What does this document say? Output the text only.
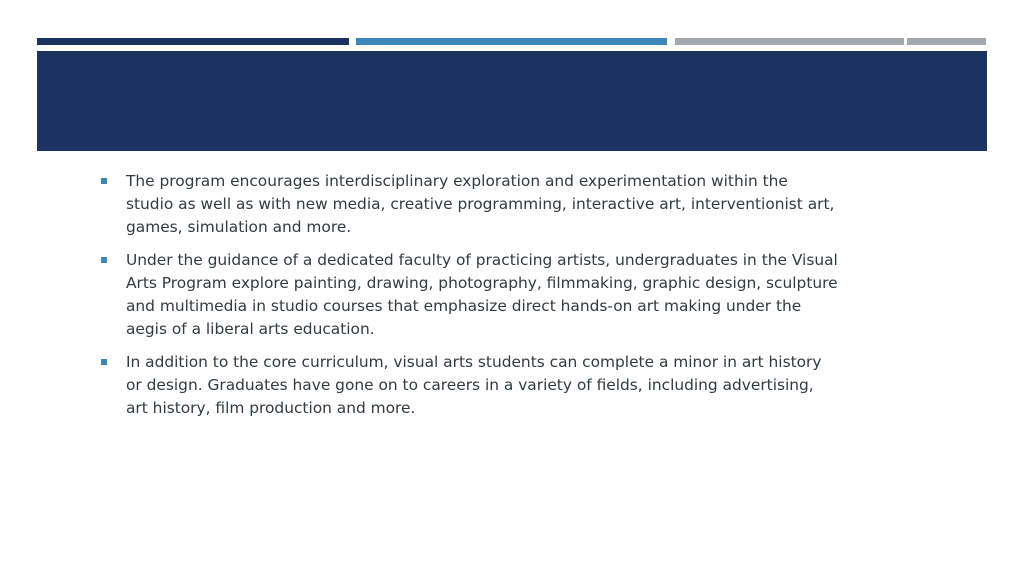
The program encourages interdisciplinary exploration and experimentation within the studio as well as with new media, creative programming, interactive art, interventionist art, games, simulation and more.
Under the guidance of a dedicated faculty of practicing artists, undergraduates in the Visual Arts Program explore painting, drawing, photography, filmmaking, graphic design, sculpture and multimedia in studio courses that emphasize direct hands-on art making under the aegis of a liberal arts education.
In addition to the core curriculum, visual arts students can complete a minor in art history or design. Graduates have gone on to careers in a variety of fields, including advertising, art history, film production and more.
